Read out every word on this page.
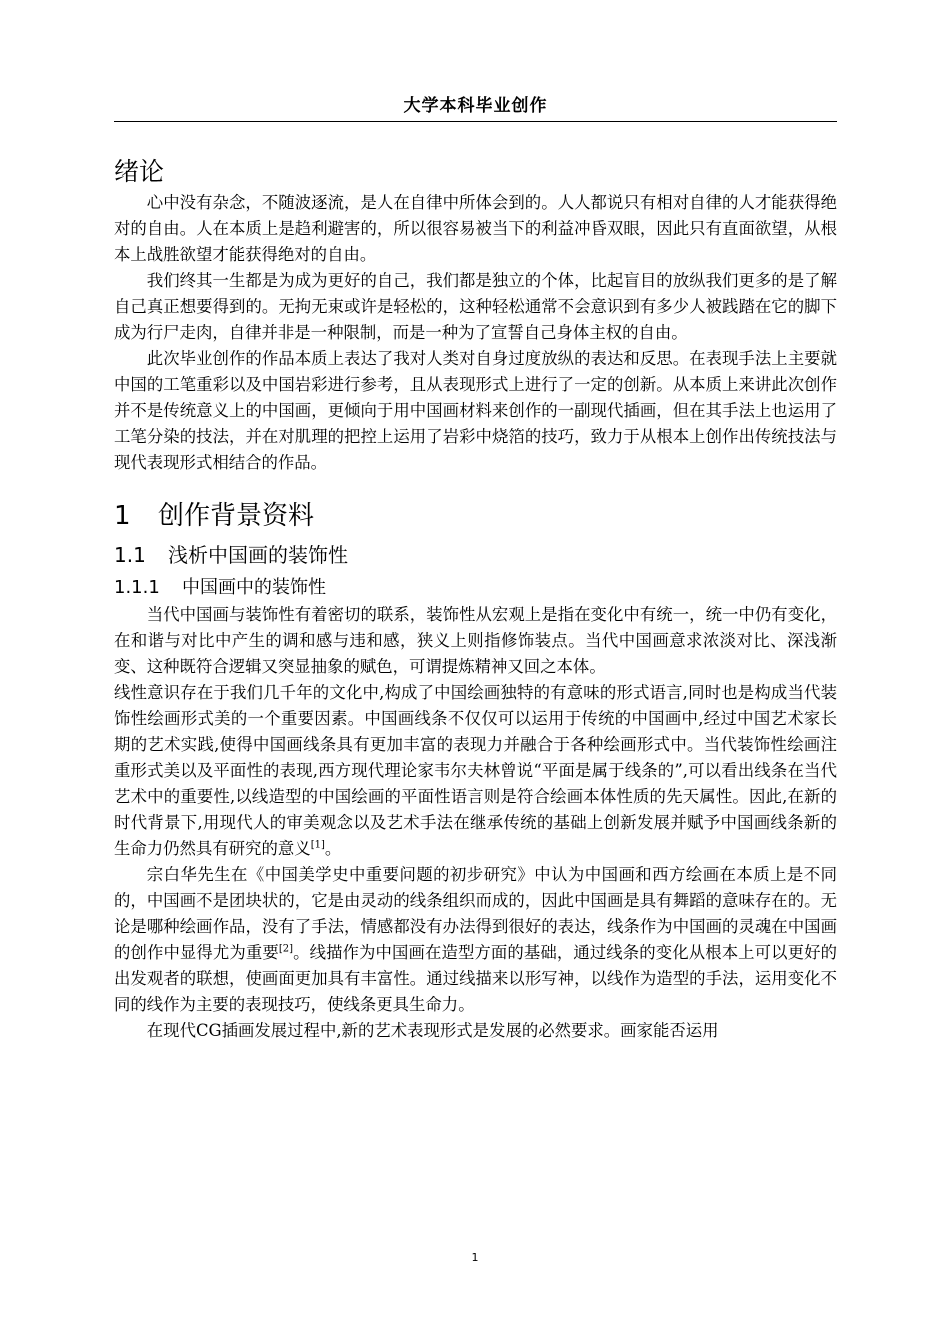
大学本科毕业创作
绪论

心中没有杂念，不随波逐流，是人在自律中所体会到的。人人都说只有相对自律的人才能获得绝对的自由。人在本质上是趋利避害的，所以很容易被当下的利益冲昏双眼，因此只有直面欲望，从根本上战胜欲望才能获得绝对的自由。

我们终其一生都是为成为更好的自己，我们都是独立的个体，比起盲目的放纵我们更多的是了解自己真正想要得到的。无拘无束或许是轻松的，这种轻松通常不会意识到有多少人被践踏在它的脚下成为行尸走肉，自律并非是一种限制，而是一种为了宣誓自己身体主权的自由。

此次毕业创作的作品本质上表达了我对人类对自身过度放纵的表达和反思。在表现手法上主要就中国的工笔重彩以及中国岩彩进行参考，且从表现形式上进行了一定的创新。从本质上来讲此次创作并不是传统意义上的中国画，更倾向于用中国画材料来创作的一副现代插画，但在其手法上也运用了工笔分染的技法，并在对肌理的把控上运用了岩彩中烧箔的技巧，致力于从根本上创作出传统技法与现代表现形式相结合的作品。

1 创作背景资料
1.1 浅析中国画的装饰性
1.1.1 中国画中的装饰性

当代中国画与装饰性有着密切的联系，装饰性从宏观上是指在变化中有统一，统一中仍有变化，在和谐与对比中产生的调和感与违和感，狭义上则指修饰装点。当代中国画意求浓淡对比、深浅渐变、这种既符合逻辑又突显抽象的赋色，可谓提炼精神又回之本体。

线性意识存在于我们几千年的文化中,构成了中国绘画独特的有意味的形式语言,同时也是构成当代装饰性绘画形式美的一个重要因素。中国画线条不仅仅可以运用于传统的中国画中,经过中国艺术家长期的艺术实践,使得中国画线条具有更加丰富的表现力并融合于各种绘画形式中。当代装饰性绘画注重形式美以及平面性的表现,西方现代理论家韦尔夫林曾说“平面是属于线条的”,可以看出线条在当代艺术中的重要性,以线造型的中国绘画的平面性语言则是符合绘画本体性质的先天属性。因此,在新的时代背景下,用现代人的审美观念以及艺术手法在继承传统的基础上创新发展并赋予中国画线条新的生命力仍然具有研究的意义[1]。

宗白华先生在《中国美学史中重要问题的初步研究》中认为中国画和西方绘画在本质上是不同的，中国画不是团块状的，它是由灵动的线条组织而成的，因此中国画是具有舞蹈的意味存在的。无论是哪种绘画作品，没有了手法，情感都没有办法得到很好的表达，线条作为中国画的灵魂在中国画的创作中显得尤为重要[2]。线描作为中国画在造型方面的基础，通过线条的变化从根本上可以更好的出发观者的联想，使画面更加具有丰富性。通过线描来以形写神，以线作为造型的手法，运用变化不同的线作为主要的表现技巧，使线条更具生命力。

在现代CG插画发展过程中,新的艺术表现形式是发展的必然要求。画家能否运用

1
